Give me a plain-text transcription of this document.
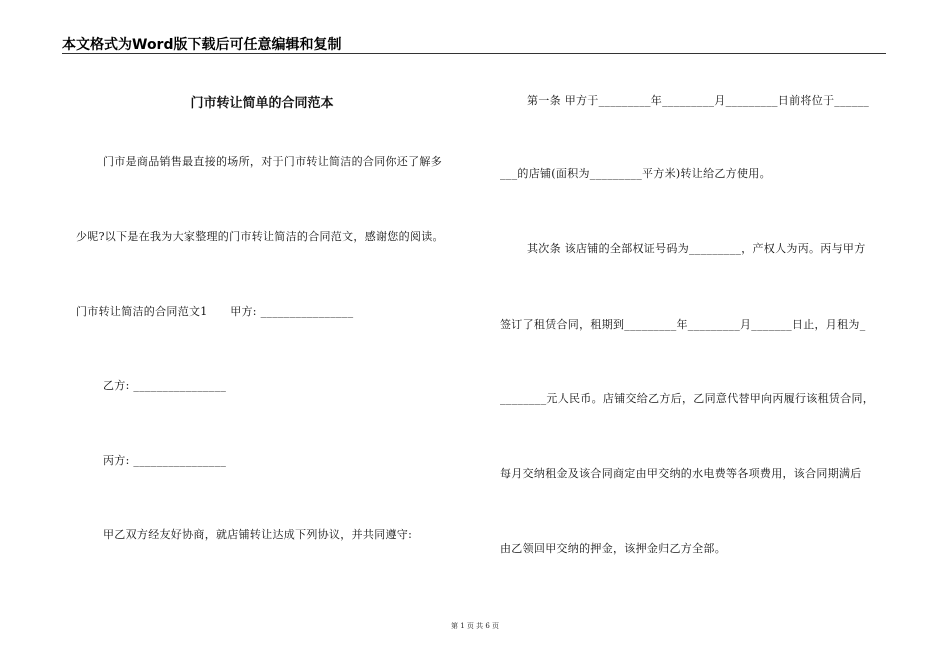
本文格式为Word版下载后可任意编辑和复制
门市转让简单的合同范本
门市是商品销售最直接的场所，对于门市转让简洁的合同你还了解多
少呢?以下是在我为大家整理的门市转让简洁的合同范文，感谢您的阅读。
门市转让简洁的合同范文1　　甲方: ________________
乙方: ________________
丙方: ________________
甲乙双方经友好协商，就店铺转让达成下列协议，并共同遵守:
第一条 甲方于_________年_________月_________日前将位于______
___的店铺(面积为_________平方米)转让给乙方使用。
其次条 该店铺的全部权证号码为_________，产权人为丙。丙与甲方
签订了租赁合同，租期到_________年_________月_______日止，月租为_
________元人民币。店铺交给乙方后，乙同意代替甲向丙履行该租赁合同，
每月交纳租金及该合同商定由甲交纳的水电费等各项费用，该合同期满后
由乙领回甲交纳的押金，该押金归乙方全部。
第 1 页 共 6 页
